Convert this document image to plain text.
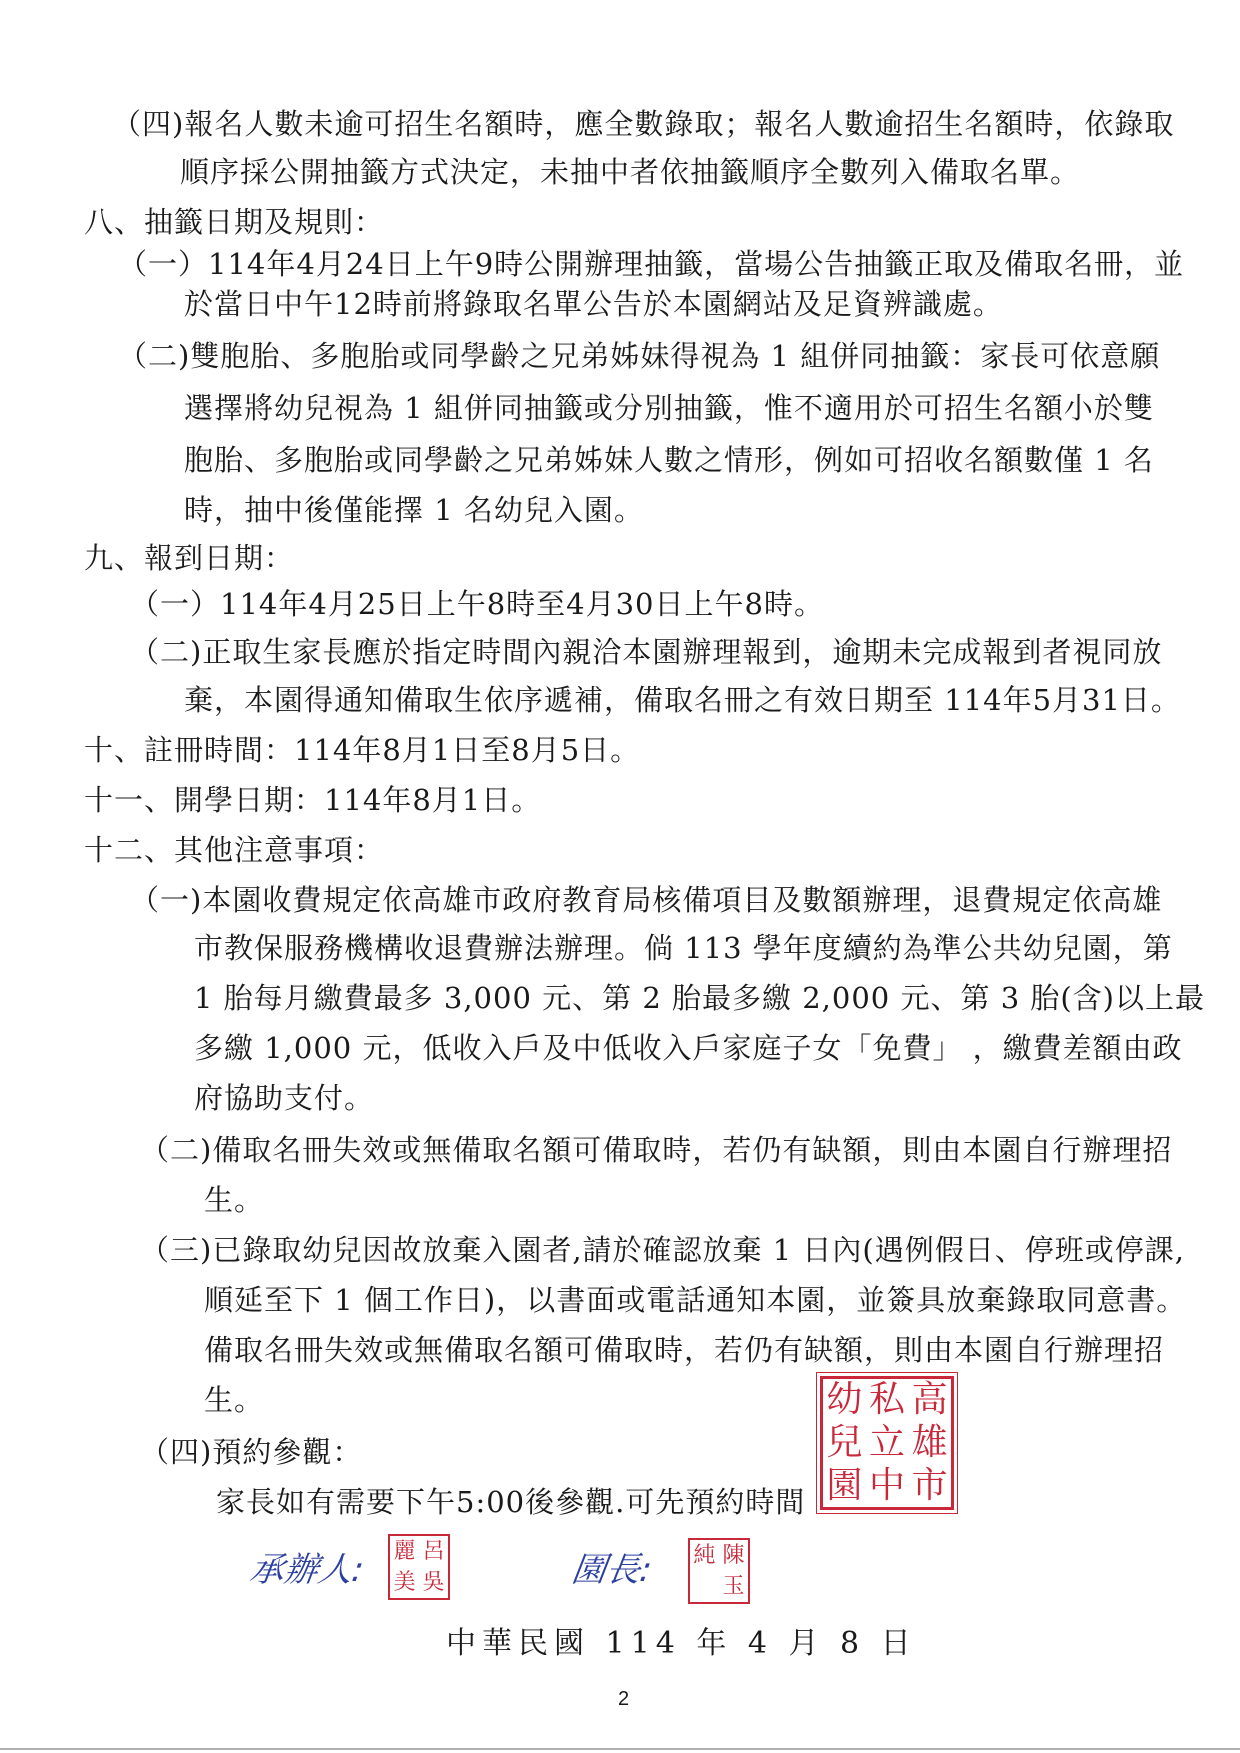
（四)報名人數未逾可招生名額時，應全數錄取；報名人數逾招生名額時，依錄取
順序採公開抽籤方式決定，未抽中者依抽籤順序全數列入備取名單。
八、抽籤日期及規則：
（一）114年4月24日上午9時公開辦理抽籤，當場公告抽籤正取及備取名冊，並
於當日中午12時前將錄取名單公告於本園網站及足資辨識處。
（二)雙胞胎、多胞胎或同學齡之兄弟姊妹得視為 1 組併同抽籤：家長可依意願
選擇將幼兒視為 1 組併同抽籤或分別抽籤，惟不適用於可招生名額小於雙
胞胎、多胞胎或同學齡之兄弟姊妹人數之情形，例如可招收名額數僅 1 名
時，抽中後僅能擇 1 名幼兒入園。
九、報到日期：
（一）114年4月25日上午8時至4月30日上午8時。
（二)正取生家長應於指定時間內親洽本園辦理報到，逾期未完成報到者視同放
棄，本園得通知備取生依序遞補，備取名冊之有效日期至 114年5月31日。
十、註冊時間：114年8月1日至8月5日。
十一、開學日期：114年8月1日。
十二、其他注意事項：
（一)本園收費規定依高雄市政府教育局核備項目及數額辦理，退費規定依高雄
市教保服務機構收退費辦法辦理。倘 113 學年度續約為準公共幼兒園，第
1 胎每月繳費最多 3,000 元、第 2 胎最多繳 2,000 元、第 3 胎(含)以上最
多繳 1,000 元，低收入戶及中低收入戶家庭子女「免費」 ，繳費差額由政
府協助支付。
（二)備取名冊失效或無備取名額可備取時，若仍有缺額，則由本園自行辦理招
生。
（三)已錄取幼兒因故放棄入園者,請於確認放棄 1 日內(遇例假日、停班或停課,
順延至下 1 個工作日)，以書面或電話通知本園，並簽具放棄錄取同意書。
備取名冊失效或無備取名額可備取時，若仍有缺額，則由本園自行辦理招
生。
（四)預約參觀：
家長如有需要下午5:00後參觀.可先預約時間
承辦人:	呂
吳
麗
美	園長:	陳
玉
純
高
雄
市
私
立
中
幼
兒
園
中華民國 114 年 4 月 8 日
2
